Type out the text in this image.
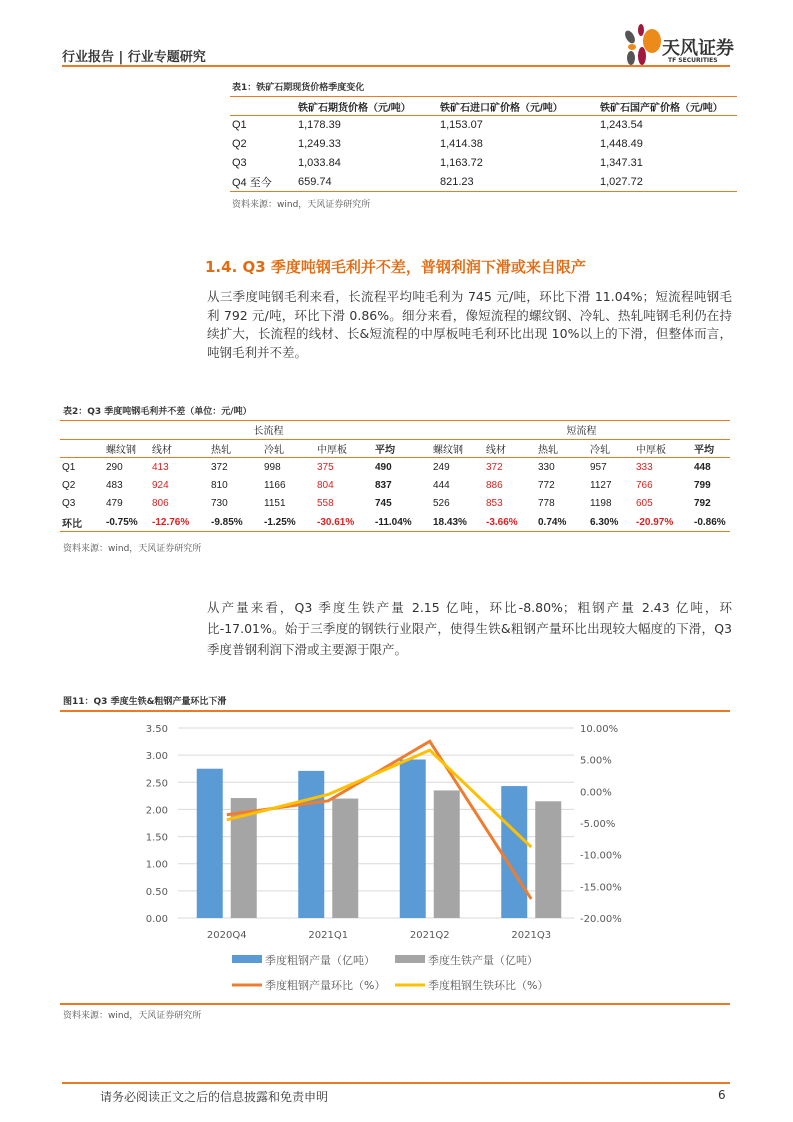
行业报告 | 行业专题研究	天风证券
TF SECURITIES
表1：铁矿石期现货价格季度变化
	铁矿石期货价格（元/吨）	铁矿石进口矿价格（元/吨）	铁矿石国产矿价格（元/吨）
Q1	1,178.39	1,153.07	1,243.54
Q2	1,249.33	1,414.38	1,448.49
Q3	1,033.84	1,163.72	1,347.31
Q4 至今	659.74	821.23	1,027.72
资料来源：wind，天风证券研究所
1.4. Q3 季度吨钢毛利并不差，普钢利润下滑或来自限产
从三季度吨钢毛利来看，长流程平均吨毛利为 745 元/吨，环比下滑 11.04%；短流程吨钢毛利 792 元/吨，环比下滑 0.86%。细分来看，像短流程的螺纹钢、冷轧、热轧吨钢毛利仍在持续扩大，长流程的线材、长&短流程的中厚板吨毛利环比出现 10%以上的下滑，但整体而言，吨钢毛利并不差。
表2：Q3 季度吨钢毛利并不差（单位：元/吨）
	长流程						短流程					
	螺纹钢	线材	热轧	冷轧	中厚板	平均	螺纹钢	线材	热轧	冷轧	中厚板	平均
Q1	290	413	372	998	375	490	249	372	330	957	333	448
Q2	483	924	810	1166	804	837	444	886	772	1127	766	799
Q3	479	806	730	1151	558	745	526	853	778	1198	605	792
环比	-0.75%	-12.76%	-9.85%	-1.25%	-30.61%	-11.04%	18.43%	-3.66%	0.74%	6.30%	-20.97%	-0.86%
资料来源：wind，天风证券研究所
从产量来看，Q3 季度生铁产量 2.15 亿吨，环比-8.80%；粗钢产量 2.43 亿吨，环比-17.01%。始于三季度的钢铁行业限产，使得生铁&粗钢产量环比出现较大幅度的下滑，Q3 季度普钢利润下滑或主要源于限产。
图11：Q3 季度生铁&粗钢产量环比下滑
0.00
0.50
1.00
1.50
2.00
2.50
3.00
3.50
-20.00%
-15.00%
-10.00%
-5.00%
0.00%
5.00%
10.00%
2020Q4	2021Q1	2021Q2	2021Q3
季度粗钢产量（亿吨）	季度生铁产量（亿吨）
季度粗钢产量环比（%）	季度粗钢生铁环比（%）
资料来源：wind，天风证券研究所
请务必阅读正文之后的信息披露和免责申明	6
